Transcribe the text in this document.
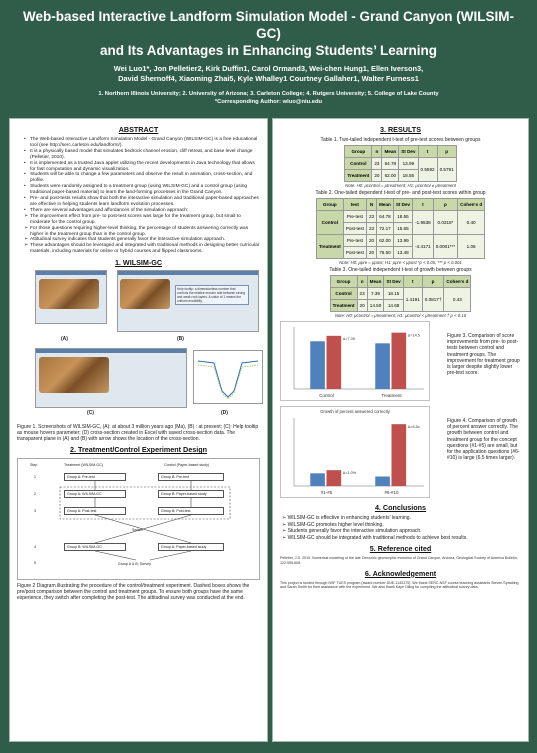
Web-based Interactive Landform Simulation Model - Grand Canyon (WILSIM-GC)
and Its Advantages in Enhancing Students’ Learning
Wei Luo1*, Jon Pelletier2, Kirk Duffin1, Carol Ormand3, Wei-chen Hung1, Ellen Iverson3,
David Shernoff4, Xiaoming Zhai5, Kyle Whalley1 Courtney Gallaher1, Walter Furness1
1. Northern Illinois University; 2. University of Arizona; 3. Carleton College; 4. Rutgers University; 5. College of Lake County
*Corresponding Author: wluo@niu.edu
ABSTRACT
• The Web-based Interactive Landform Simulation Model - Grand Canyon (WILSIM-GC) is a free educational tool (see http://serc.carleton.edu/landform/).
• It is a physically based model that simulates bedrock channel erosion, cliff retreat, and base level change (Pelletier, 2010).
• It is implemented as a trusted Java applet utilizing the recent developments in Java technology that allows for fast computation and dynamic visualization.
• Students will be able to change a few parameters and observe the result in animation, cross-section, and profile.
• Students were randomly assigned to a treatment group (using WILSIM-GC) and a control group (using traditional paper-based material) to learn the land-forming processes in the Grand Canyon.
• Pre- and post-tests results show that both the interactive simulation and traditional paper-based approaches are effective in helping students learn landform evolution processes.
• There are several advantages and affordances of the simulation approach:
➢ The improvement effect from pre- to post-test scores was large for the treatment group, but small to moderate for the control group.
➢ For those questions requiring higher-level thinking, the percentage of students answering correctly was higher in the treatment group than in the control group.
➢ Attitudinal survey indicates that students generally favor the interactive simulation approach.
➢ These advantages should be leveraged and integrated with traditional methods in designing better curricular materials, including materials for online or hybrid courses and flipped classrooms.
1. WILSIM-GC
Help tooltip: a dimensionless number that controls the relative erosion rate between strong and weak rock layers. A value of 1 means the uniform erodibility.
(A)	(B)
(C)	(D)
Figure 1. Screenshots of WILSIM-GC, (A): at about 3 million years ago (Ma), (B) : at present; (C): Help tooltip as mouse hovers parameter; (D) cross-section created in Excel with saved cross-section data. The transparent plane in (A) and (B) with arrow shows the location of the cross-section.
2. Treatment/Control Experiment Design
Step	Treatment (WILSIM-GC)	Control (Paper-based study)
1
2
3
4
5
Group A: Pre-test
Group A: WILSIM-GC
Group A: Post-test
Group B: WILSIM-GC
Group B: Pre-test
Group B: Paper-based study
Group B: Post-test
Group A: Paper-based study
Switch
Group A & B: Survey
Figure 2 Diagram illustrating the procedure of the control/treatment experiment. Dashed boxes shows the pre/post comparison between the control and treatment groups. To ensure both groups have the same experience, they switch after completing the post-test. The attitudinal survey was conducted at the end.
3. RESULTS
Table 1. Two-tailed independent t-test of pre-test scores between groups
Group	n	Mean	St Dev	t	p
Control	23	64.78	13.99	0.5592	0.5791
Treatment	20	62.00	18.55		
Note: H0: μcontrol = μtreatment; H1: μcontrol ≠ μtreatment
Table 2. One-tailed dependent t-test of pre- and post-test scores within group
Group	test	N	Mean	St Dev	t	p	Cohen's d
Control	Pre-test	23	64.78	18.55	-1.9538	0.0318*	0.40
	Post-test	23	72.17	15.65			
Treatment	Pre-test	20	62.00	13.99	-4.4171	0.0001***	1.06
	Post-test	20	76.50	13.48			
Note: H0: μpre = μpost; H1: μpre < μpost *p < 0.05, *** p < 0.001
Table 3. One-tailed independent t-test of growth between groups
Group	n	Mean	St Dev	t	p	Cohen's d
Control	23	7.39	18.15	1.4191	0.0817†	0.43
Treatment	20	14.50	14.68			
Note: H0: μcontrol = μtreatment; H1: μcontrol < μtreatment † p < 0.10
Control
Δ=7.39
Treatment
Δ=14.5	Figure 3. Comparison of score improvements from pre- to post-tests between control and treatment groups. The improvement for treatment group is larger despite slightly lower pre-test score.
Growth of percent answered correctly
#1-#5
Δ=1.0%
#6-#10
Δ=6.5x
Figure 4. Comparison of growth of percent answer correctly. The growth between control and treatment group for the concept questions (#1-#5) are small, but for the application questions (#6-#10) is large (6.5 times larger).
4. Conclusions
➢ WILSIM-GC is effective in enhancing students’ learning.
➢ WILSIM-GC promotes higher level thinking.
➢ Students generally favor the interactive simulation approach.
➢ WILSIM-GC should be integrated with traditional methods to achieve best results.
5. Reference cited
Pelletier, J.D. 2010. Numerical modeling of the late Cenozoic geomorphic evolution of Grand Canyon, Arizona, Geological Society of America Bulletin, 122:595-608.
6. Acknowledgement
This project is funded through NSF TUES program (award number DUE-1140375). We thank SERC-NSF course teaching assistants Steven Spradling and Sarah Smith for their assistance with the experiment. We also thank Kaye Olling for compiling the attitudinal survey data.
